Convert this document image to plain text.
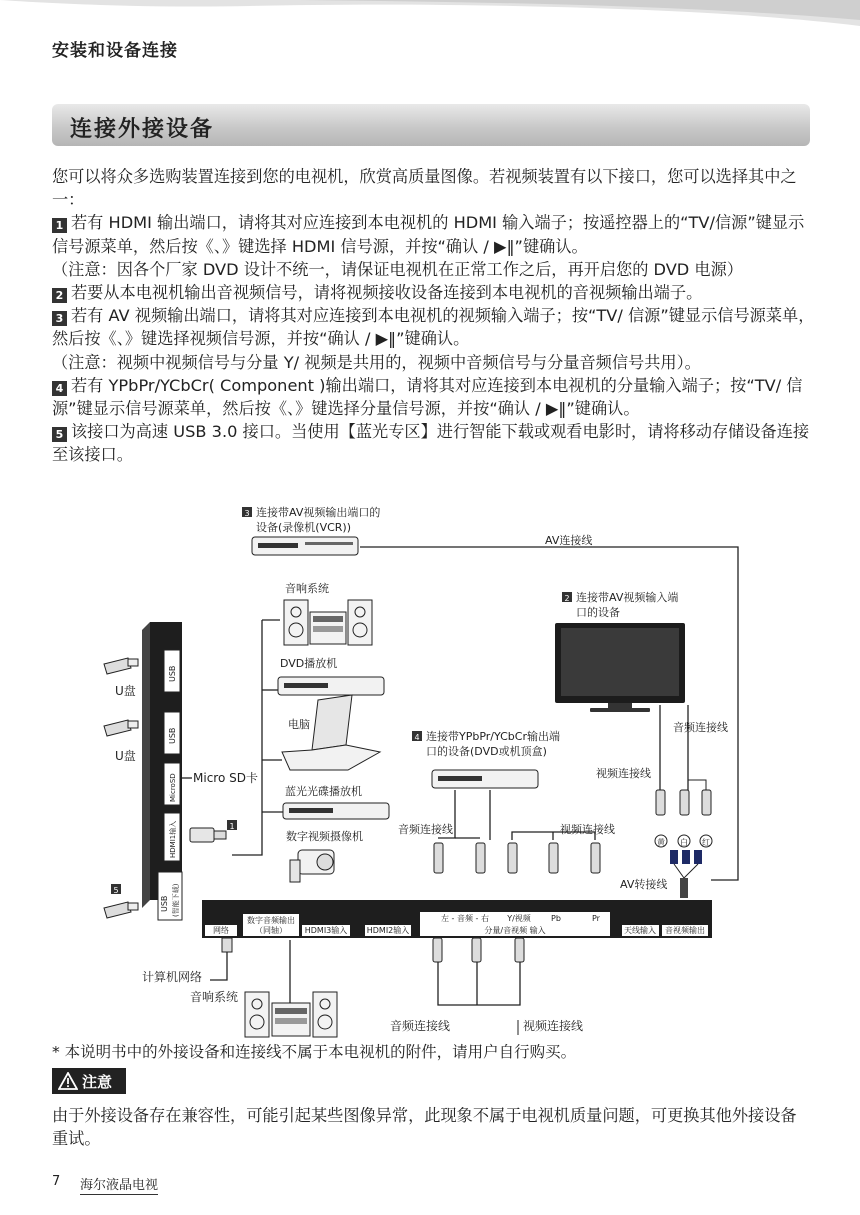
安装和设备连接
连接外接设备

您可以将众多选购装置连接到您的电视机，欣赏高质量图像。若视频装置有以下接口，您可以选择其中之一：

1 若有 HDMI 输出端口，请将其对应连接到本电视机的 HDMI 输入端子；按遥控器上的“TV/信源”键显示信号源菜单，然后按《、》键选择 HDMI 信号源，并按“确认 / ▶‖”键确认。

（注意：因各个厂家 DVD 设计不统一，请保证电视机在正常工作之后，再开启您的 DVD 电源）

2 若要从本电视机输出音视频信号，请将视频接收设备连接到本电视机的音视频输出端子。

3 若有 AV 视频输出端口，请将其对应连接到本电视机的视频输入端子；按“TV/ 信源”键显示信号源菜单，然后按《、》键选择视频信号源，并按“确认 / ▶‖”键确认。

（注意：视频中视频信号与分量 Y/ 视频是共用的，视频中音频信号与分量音频信号共用）。

4 若有 YPbPr/YCbCr( Component )输出端口，请将其对应连接到本电视机的分量输入端子；按“TV/ 信源”键显示信号源菜单，然后按《、》键选择分量信号源，并按“确认 / ▶‖”键确认。

5 该接口为高速 USB 3.0 接口。当使用【蓝光专区】进行智能下载或观看电影时，请将移动存储设备连接至该接口。

3 连接带AV视频输出端口的
设备(录像机(VCR))
AV连接线
2 连接带AV视频输入端
口的设备
音频连接线
视频连接线
黄 白 红
AV转接线
音响系统
DVD播放机
电脑
蓝光光碟播放机
数字视频摄像机
4 连接带YPbPr/YCbCr输出端
口的设备(DVD或机顶盒)
音频连接线	视频连接线
USB
USB
MicroSD
HDMI1输入
USB (智能下载)
U盘
U盘
Micro SD卡
1
5
网络
数字音频输出
（同轴） HDMI3输入 HDMI2输入
左 - 音频 - 右 Y/视频	Pb	Pr
分量/音视频 输入	天线输入 音视频输出
计算机网络
音响系统
音频连接线	视频连接线
* 本说明书中的外接设备和连接线不属于本电视机的附件，请用户自行购买。
注意
由于外接设备存在兼容性，可能引起某些图像异常，此现象不属于电视机质量问题，可更换其他外接设备重试。
7 海尔液晶电视
